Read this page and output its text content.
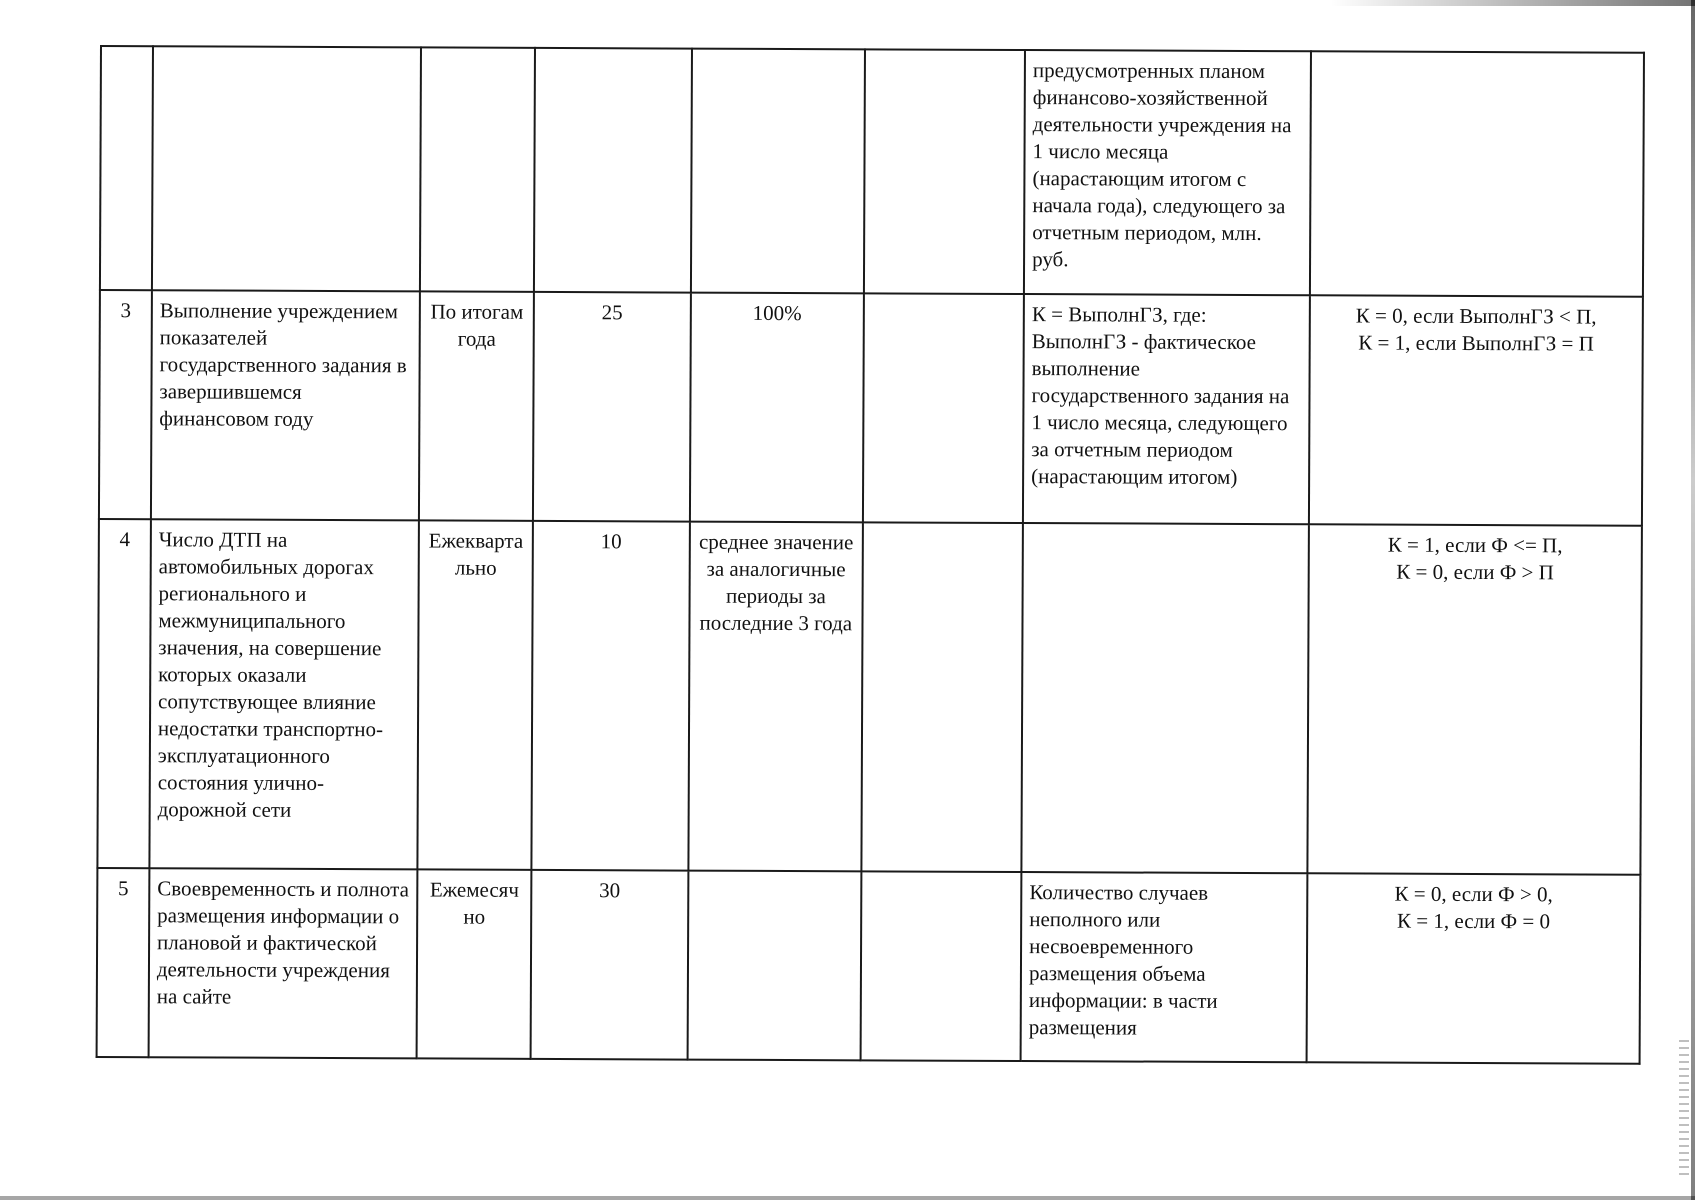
						предусмотренных планом финансово-хозяйственной деятельности учреждения на 1 число месяца (нарастающим итогом с начала года), следующего за отчетным периодом, млн. руб.	
3	Выполнение учреждением показателей государственного задания в завершившемся финансовом году	По итогам года	25	100%		К = ВыполнГЗ, где: ВыполнГЗ - фактическое выполнение государственного задания на 1 число месяца, следующего за отчетным периодом (нарастающим итогом)	К = 0, если ВыполнГЗ < П,
К = 1, если ВыполнГЗ = П

4	Число ДТП на автомобильных дорогах регионального и межмуниципального значения, на совершение которых оказали сопутствующее влияние недостатки транспортно-эксплуатационного состояния улично-дорожной сети	Ежеквартально	10	среднее значение за аналогичные периоды за последние 3 года			К = 1, если Ф <= П,
К = 0, если Ф > П

5	Своевременность и полнота размещения информации о плановой и фактической деятельности учреждения на сайте	Ежемесячно	30			Количество случаев неполного или несвоевременного размещения объема информации: в части размещения	К = 0, если Ф > 0,
К = 1, если Ф = 0
